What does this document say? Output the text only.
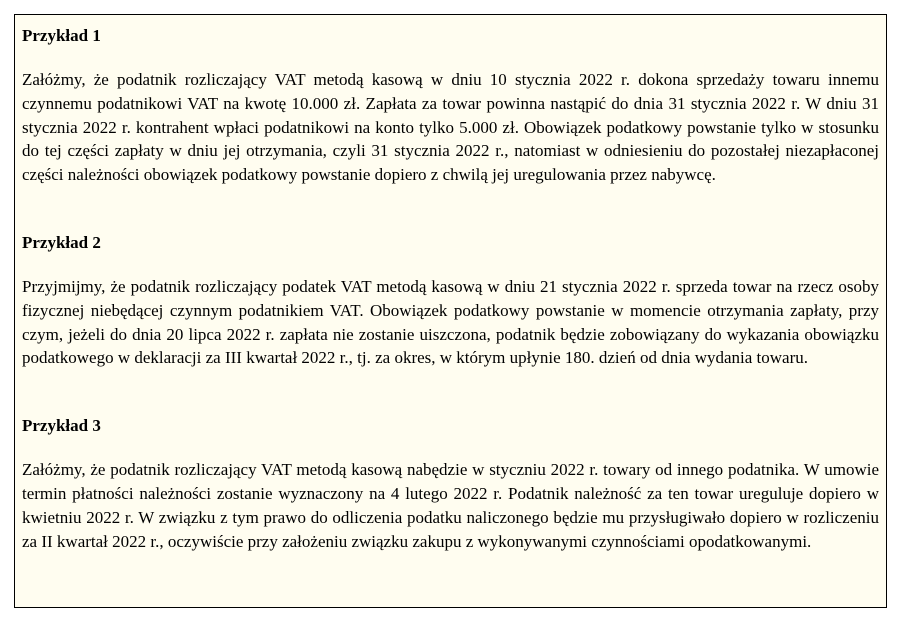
Przykład 1

Załóżmy, że podatnik rozliczający VAT metodą kasową w dniu 10 stycznia 2022 r. dokona sprzedaży towaru innemu czynnemu podatnikowi VAT na kwotę 10.000 zł. Zapłata za towar powinna nastąpić do dnia 31 stycznia 2022 r. W dniu 31 stycznia 2022 r. kontrahent wpłaci podatnikowi na konto tylko 5.000 zł. Obowiązek podatkowy powstanie tylko w stosunku do tej części zapłaty w dniu jej otrzymania, czyli 31 stycznia 2022 r., natomiast w odniesieniu do pozostałej niezapłaconej części należności obowiązek podatkowy powstanie dopiero z chwilą jej uregulowania przez nabywcę.

Przykład 2

Przyjmijmy, że podatnik rozliczający podatek VAT metodą kasową w dniu 21 stycznia 2022 r. sprzeda towar na rzecz osoby fizycznej niebędącej czynnym podatnikiem VAT. Obowiązek podatkowy powstanie w momencie otrzymania zapłaty, przy czym, jeżeli do dnia 20 lipca 2022 r. zapłata nie zostanie uiszczona, podatnik będzie zobowiązany do wykazania obowiązku podatkowego w deklaracji za III kwartał 2022 r., tj. za okres, w którym upłynie 180. dzień od dnia wydania towaru.

Przykład 3

Załóżmy, że podatnik rozliczający VAT metodą kasową nabędzie w styczniu 2022 r. towary od innego podatnika. W umowie termin płatności należności zostanie wyznaczony na 4 lutego 2022 r. Podatnik należność za ten towar ureguluje dopiero w kwietniu 2022 r. W związku z tym prawo do odliczenia podatku naliczonego będzie mu przysługiwało dopiero w rozliczeniu za II kwartał 2022 r., oczywiście przy założeniu związku zakupu z wykonywanymi czynnościami opodatkowanymi.
